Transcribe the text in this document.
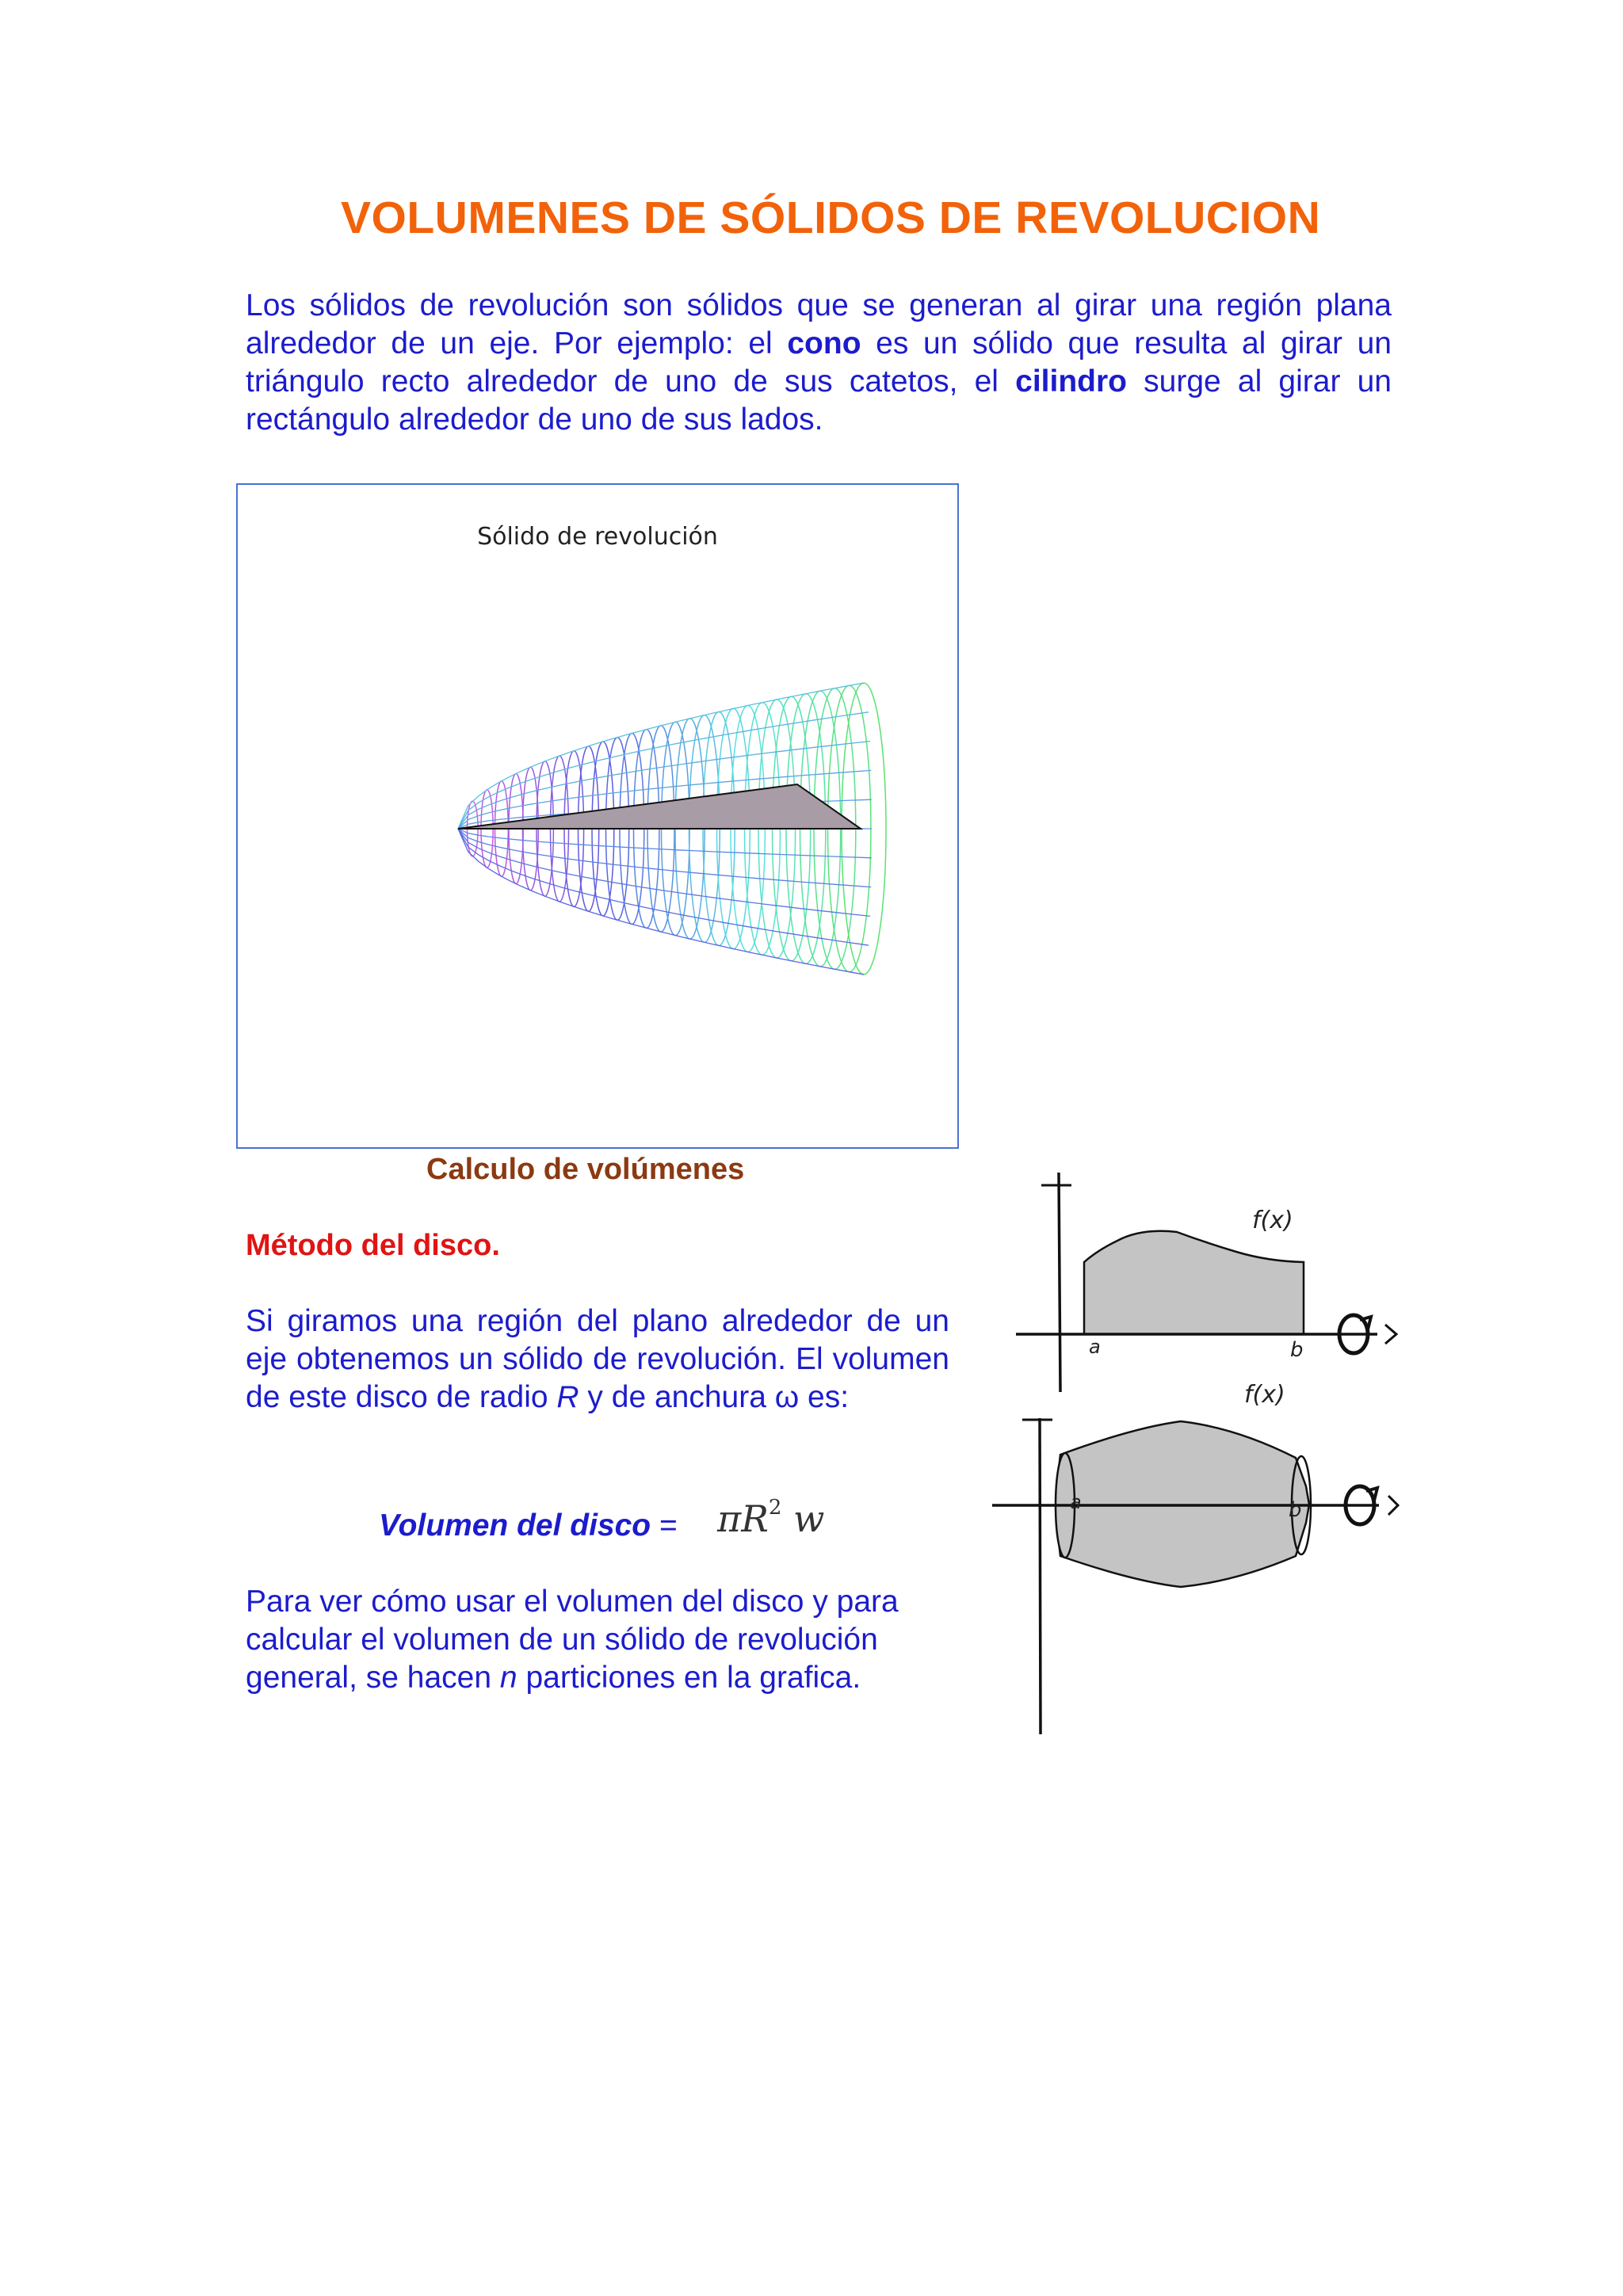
VOLUMENES DE SÓLIDOS DE REVOLUCION
Los sólidos de revolución son sólidos que se generan al girar una región plana alrededor de un eje. Por ejemplo: el cono es un sólido que resulta al girar un triángulo recto alrededor de uno de sus catetos, el cilindro surge al girar un rectángulo alrededor de uno de sus lados.
Sólido de revolución
Calculo de volúmenes
Método del disco.
Si giramos una región del plano alrededor de un eje obtenemos un sólido de revolución. El volumen de este disco de radio R y de anchura ω es:
Volumen del disco = $\pi R^2$ w
Para ver cómo usar el volumen del disco y para calcular el volumen de un sólido de revolución general, se hacen n particiones en la grafica.
f(x)
a	b
f(x)
a	b
